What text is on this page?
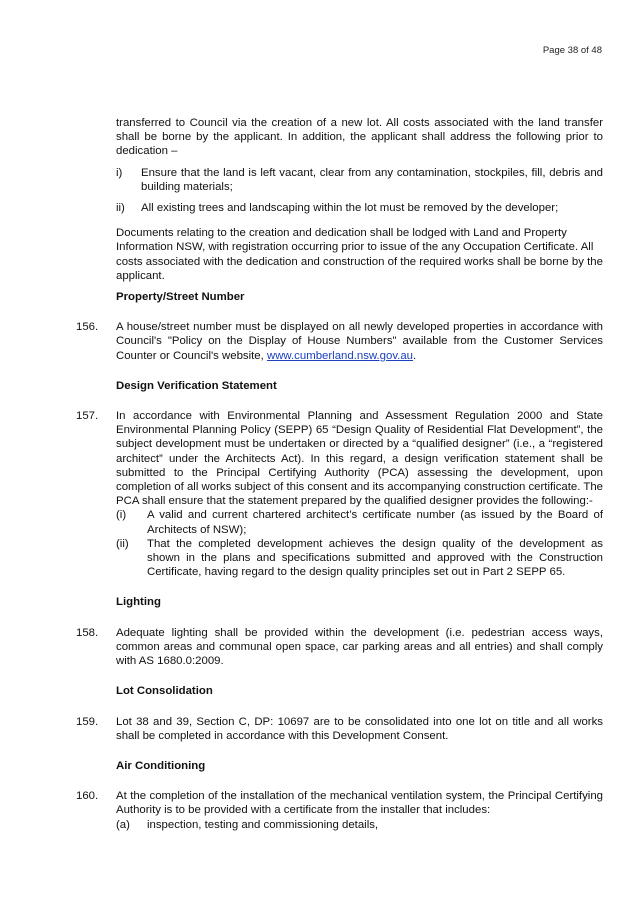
Page 38 of 48

transferred to Council via the creation of a new lot. All costs associated with the land transfer shall be borne by the applicant. In addition, the applicant shall address the following prior to dedication –

i)	Ensure that the land is left vacant, clear from any contamination, stockpiles, fill, debris and building materials;
ii)	All existing trees and landscaping within the lot must be removed by the developer;

Documents relating to the creation and dedication shall be lodged with Land and Property Information NSW, with registration occurring prior to issue of the any Occupation Certificate. All costs associated with the dedication and construction of the required works shall be borne by the applicant.

Property/Street Number
156.	A house/street number must be displayed on all newly developed properties in accordance with Council's "Policy on the Display of House Numbers" available from the Customer Services Counter or Council's website, www.cumberland.nsw.gov.au.
Design Verification Statement
157.	In accordance with Environmental Planning and Assessment Regulation 2000 and State Environmental Planning Policy (SEPP) 65 “Design Quality of Residential Flat Development”, the subject development must be undertaken or directed by a “qualified designer” (i.e., a “registered architect” under the Architects Act). In this regard, a design verification statement shall be submitted to the Principal Certifying Authority (PCA) assessing the development, upon completion of all works subject of this consent and its accompanying construction certificate. The PCA shall ensure that the statement prepared by the qualified designer provides the following:-

(i)	A valid and current chartered architect’s certificate number (as issued by the Board of Architects of NSW);
(ii)	That the completed development achieves the design quality of the development as shown in the plans and specifications submitted and approved with the Construction Certificate, having regard to the design quality principles set out in Part 2 SEPP 65.
Lighting
158.	Adequate lighting shall be provided within the development (i.e. pedestrian access ways, common areas and communal open space, car parking areas and all entries) and shall comply with AS 1680.0:2009.
Lot Consolidation
159.	Lot 38 and 39, Section C, DP: 10697 are to be consolidated into one lot on title and all works shall be completed in accordance with this Development Consent.
Air Conditioning
160.	At the completion of the installation of the mechanical ventilation system, the Principal Certifying Authority is to be provided with a certificate from the installer that includes:

(a)	inspection, testing and commissioning details,
